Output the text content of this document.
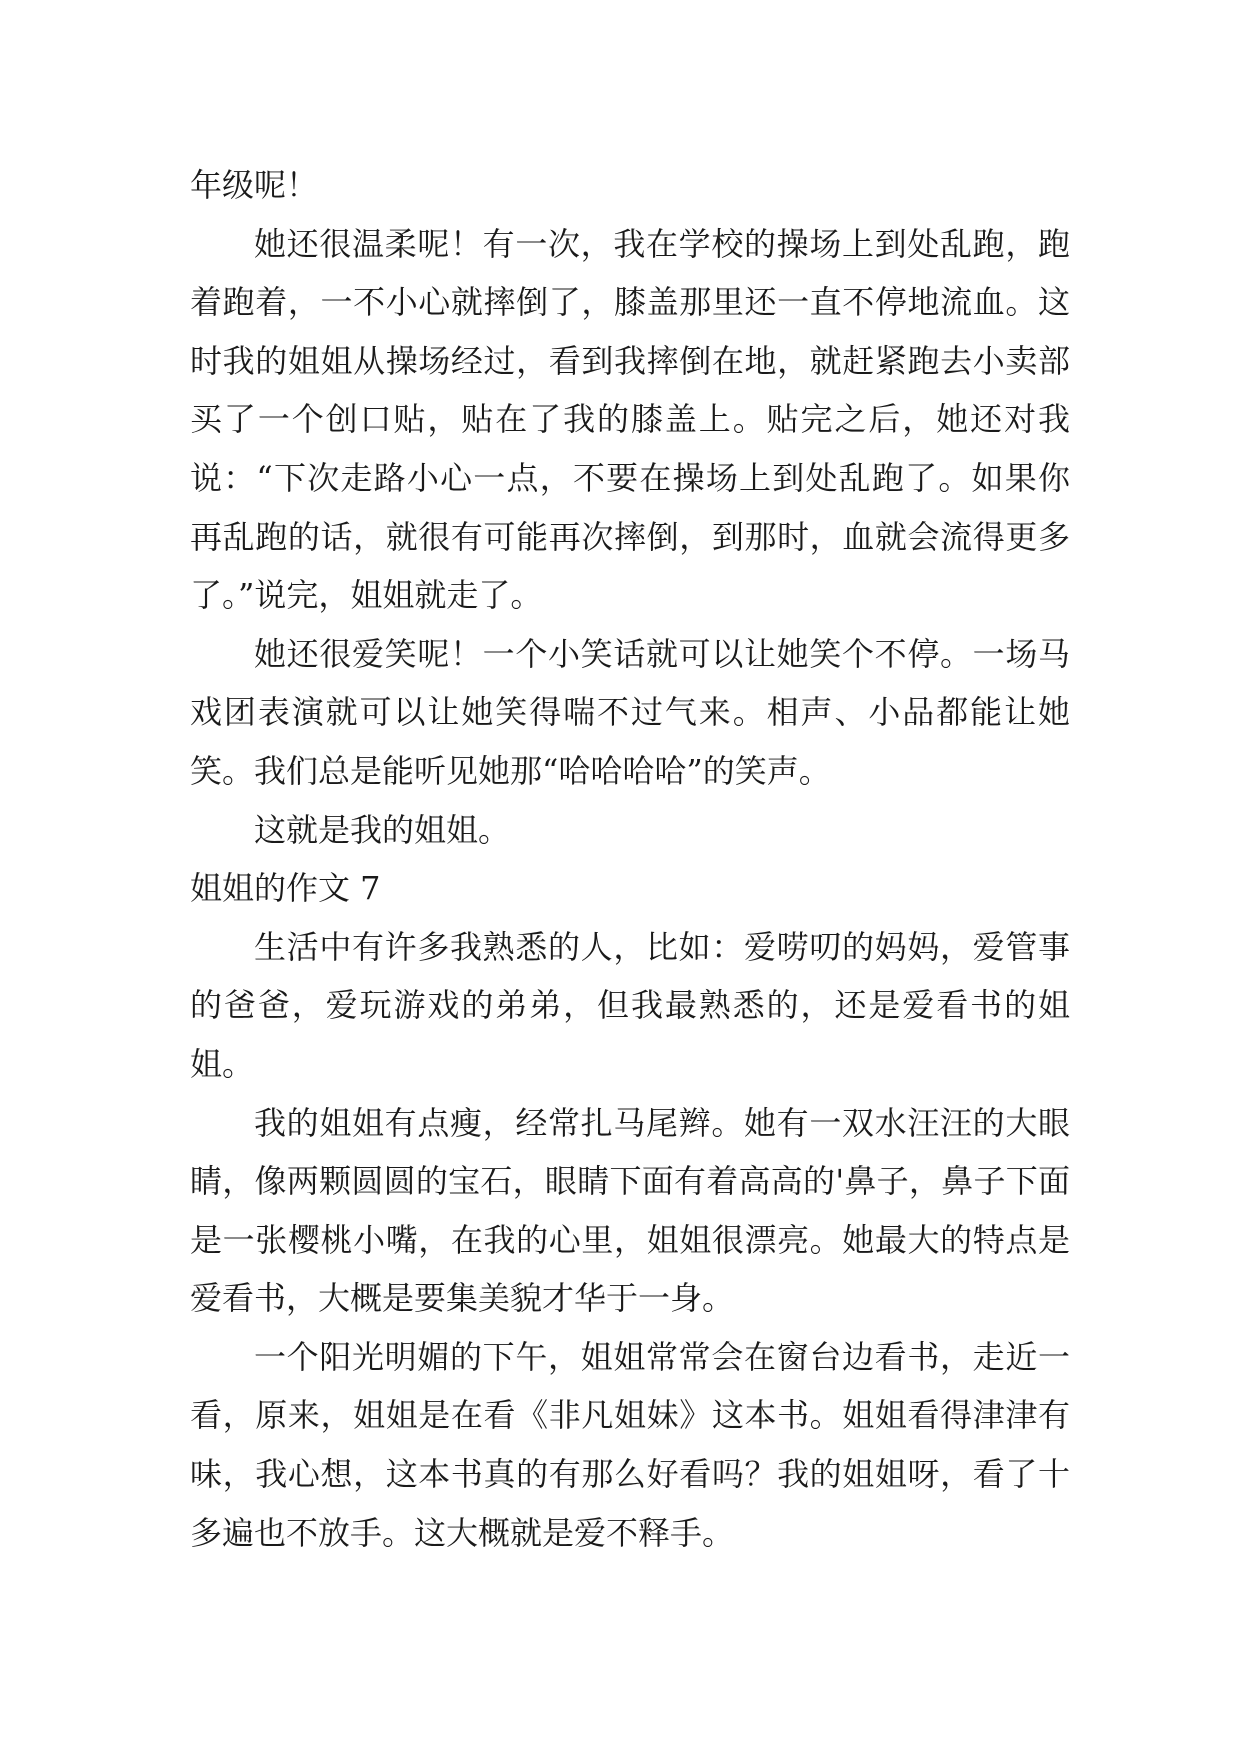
年级呢！

她还很温柔呢！有一次，我在学校的操场上到处乱跑，跑着跑着，一不小心就摔倒了，膝盖那里还一直不停地流血。这时我的姐姐从操场经过，看到我摔倒在地，就赶紧跑去小卖部买了一个创口贴，贴在了我的膝盖上。贴完之后，她还对我说：“下次走路小心一点，不要在操场上到处乱跑了。如果你再乱跑的话，就很有可能再次摔倒，到那时，血就会流得更多了。”说完，姐姐就走了。

她还很爱笑呢！一个小笑话就可以让她笑个不停。一场马戏团表演就可以让她笑得喘不过气来。相声、小品都能让她笑。我们总是能听见她那“哈哈哈哈”的笑声。

这就是我的姐姐。

姐姐的作文 7

生活中有许多我熟悉的人，比如：爱唠叨的妈妈，爱管事的爸爸，爱玩游戏的弟弟，但我最熟悉的，还是爱看书的姐姐。

我的姐姐有点瘦，经常扎马尾辫。她有一双水汪汪的大眼睛，像两颗圆圆的宝石，眼睛下面有着高高的'鼻子，鼻子下面是一张樱桃小嘴，在我的心里，姐姐很漂亮。她最大的特点是爱看书，大概是要集美貌才华于一身。

一个阳光明媚的下午，姐姐常常会在窗台边看书，走近一看，原来，姐姐是在看《非凡姐妹》这本书。姐姐看得津津有味，我心想，这本书真的有那么好看吗？我的姐姐呀，看了十多遍也不放手。这大概就是爱不释手。
